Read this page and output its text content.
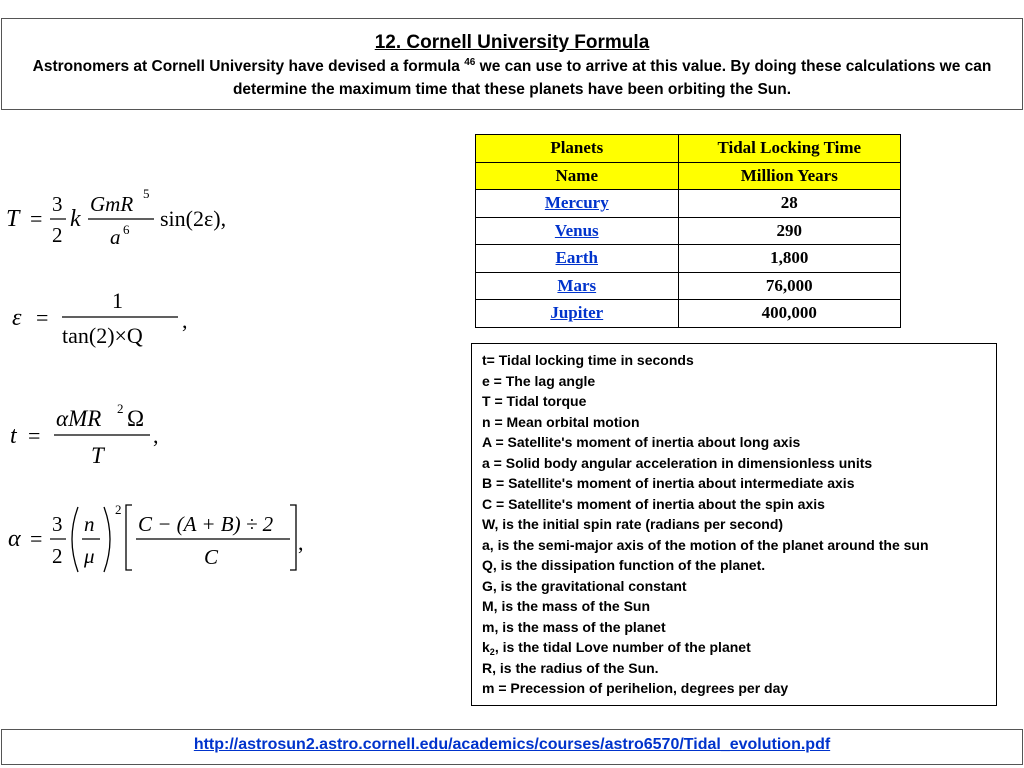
12. Cornell University Formula
Astronomers at Cornell University have devised a formula $^{46}$ we can use to arrive at this value. By doing these calculations we can determine the maximum time that these planets have been orbiting the Sun.
T =
3
2
k
GmR 5
a 6 sin(2ε),
ε =
1
tan(2)×Q
,
t =
αMR 2 Ω
T
,
α =
3
2
n
μ
2
C − (A + B) ÷ 2
C
,
Planets	Tidal Locking Time
Name	Million Years
Mercury	28
Venus	290
Earth	1,800
Mars	76,000
Jupiter	400,000
t= Tidal locking time in seconds
e = The lag angle
T = Tidal torque
n = Mean orbital motion
A = Satellite's moment of inertia about long axis
a = Solid body angular acceleration in dimensionless units
B = Satellite's moment of inertia about intermediate axis
C = Satellite's moment of inertia about the spin axis
W, is the initial spin rate (radians per second)
a, is the semi-major axis of the motion of the planet around the sun
Q, is the dissipation function of the planet.
G, is the gravitational constant
M, is the mass of the Sun
m, is the mass of the planet
$k_2$, is the tidal Love number of the planet
R, is the radius of the Sun.
m = Precession of perihelion, degrees per day
http://astrosun2.astro.cornell.edu/academics/courses/astro6570/Tidal_evolution.pdf
